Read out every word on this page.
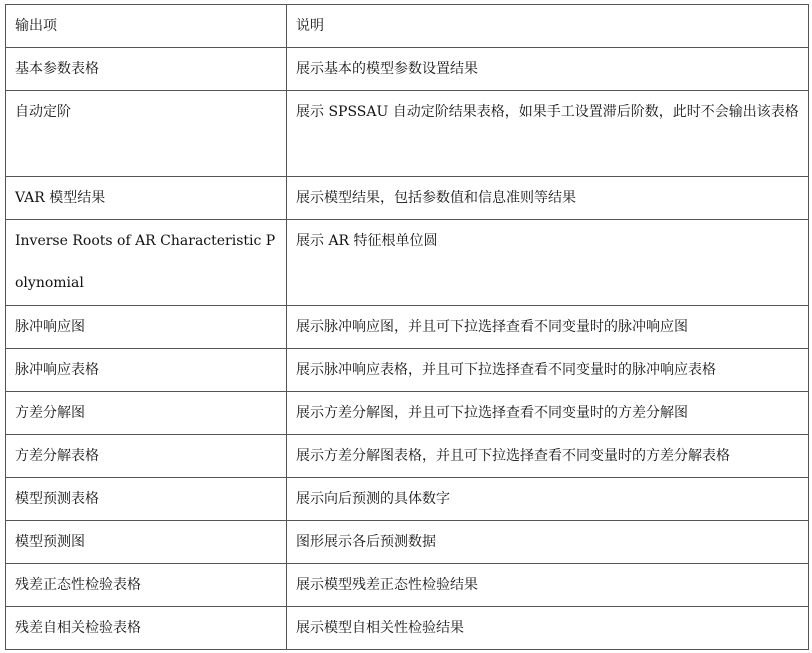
输出项	说明

基本参数表格	展示基本的模型参数设置结果

自动定阶	展示 SPSSAU 自动定阶结果表格，如果手工设置滞后阶数，此时不会输出该表格

VAR 模型结果	展示模型结果，包括参数值和信息准则等结果

Inverse Roots of AR Characteristic Polynomial	展示 AR 特征根单位圆

脉冲响应图	展示脉冲响应图，并且可下拉选择查看不同变量时的脉冲响应图

脉冲响应表格	展示脉冲响应表格，并且可下拉选择查看不同变量时的脉冲响应表格

方差分解图	展示方差分解图，并且可下拉选择查看不同变量时的方差分解图

方差分解表格	展示方差分解图表格，并且可下拉选择查看不同变量时的方差分解表格

模型预测表格	展示向后预测的具体数字

模型预测图	图形展示各后预测数据

残差正态性检验表格	展示模型残差正态性检验结果

残差自相关检验表格	展示模型自相关性检验结果
